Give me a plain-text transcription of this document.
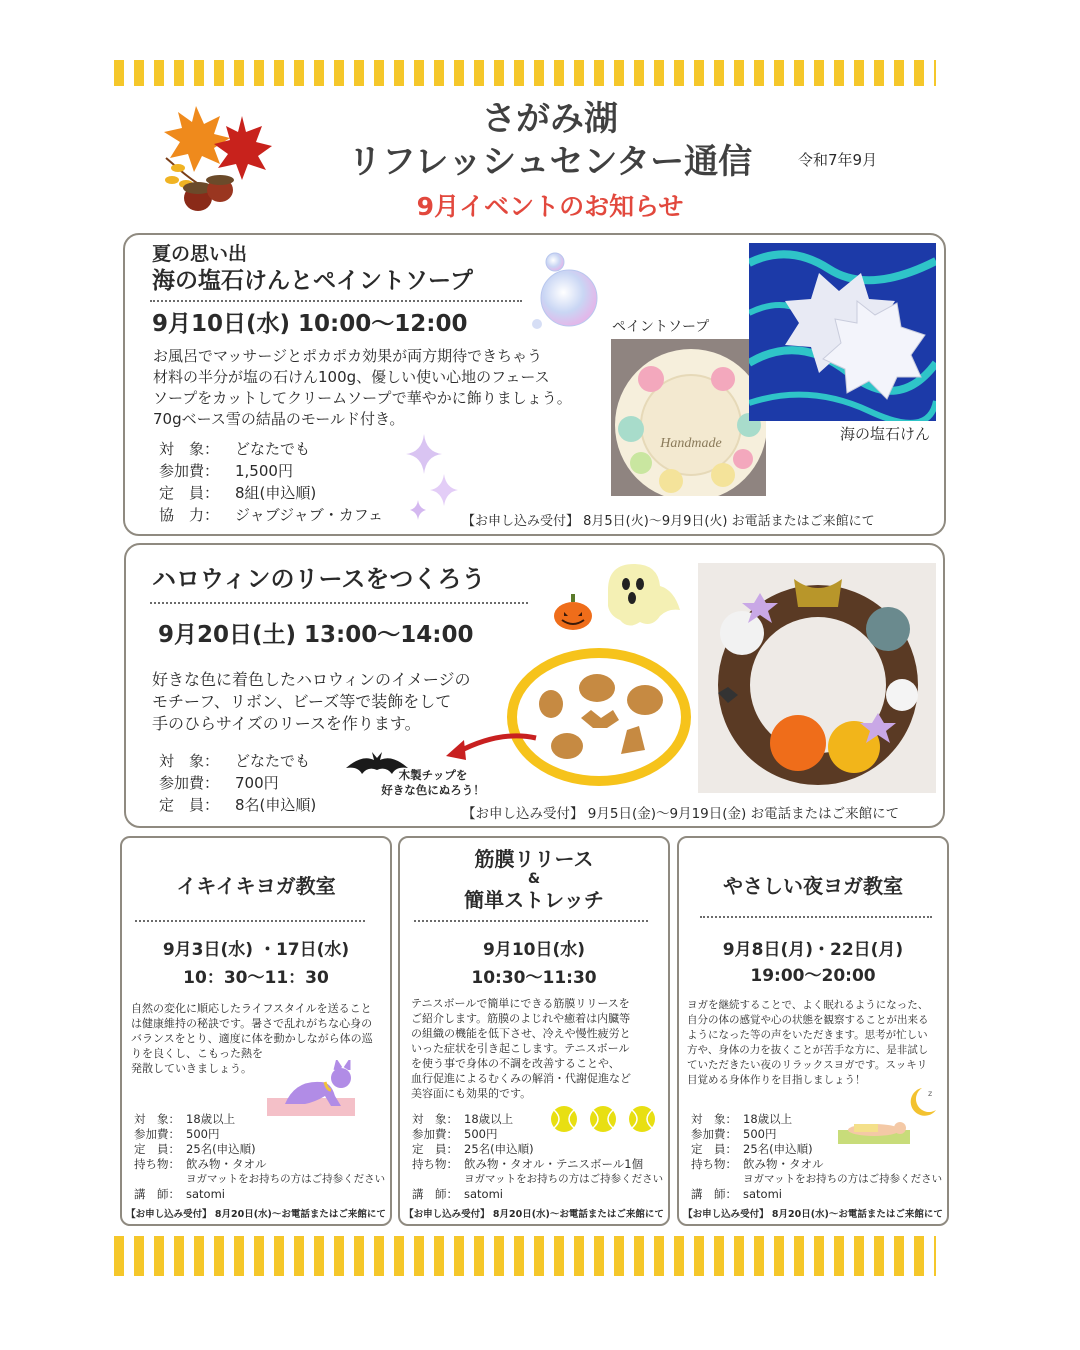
さがみ湖
リフレッシュセンター通信	令和7年9月
9月イベントのお知らせ
夏の思い出
海の塩石けんとペイントソープ
9月10日(水) 10:00〜12:00
お風呂でマッサージとポカポカ効果が両方期待できちゃう
材料の半分が塩の石けん100g、優しい使い心地のフェース
ソープをカットしてクリームソープで華やかに飾りましょう。
70gベース雪の結晶のモールド付き。
対　象：	どなたでも
参加費：	1,500円
定　員：	8組(申込順)
協　力：	ジャブジャブ・カフェ
ペイントソープ
Handmade
海の塩石けん
【お申し込み受付】 8月5日(火)〜9月9日(火) お電話またはご来館にて
ハロウィンのリースをつくろう
9月20日(土) 13:00〜14:00
好きな色に着色したハロウィンのイメージの
モチーフ、リボン、ビーズ等で装飾をして
手のひらサイズのリースを作ります。
対　象：	どなたでも
参加費：	700円
定　員：	8名(申込順)
木製チップを
好きな色にぬろう！
【お申し込み受付】 9月5日(金)〜9月19日(金) お電話またはご来館にて
イキイキヨガ教室
9月3日(水) ・17日(水)
10：30〜11：30
自然の変化に順応したライフスタイルを送ること
は健康維持の秘訣です。暑さで乱れがちな心身の
バランスをとり、適度に体を動かしながら体の巡
りを良くし、こもった熱を
発散していきましょう。
対　象： 18歳以上
参加費： 500円
定　員： 25名(申込順)
持ち物： 飲み物・タオル
ヨガマットをお持ちの方はご持参ください
講　師： satomi
【お申し込み受付】 8月20日(水)〜お電話またはご来館にて
筋膜リリース
&
簡単ストレッチ
9月10日(水)
10:30〜11:30
テニスボールで簡単にできる筋膜リリースを
ご紹介します。筋膜のよじれや癒着は内臓等
の組織の機能を低下させ、冷えや慢性疲労と
いった症状を引き起こします。テニスボール
を使う事で身体の不調を改善することや、
血行促進によるむくみの解消・代謝促進など
美容面にも効果的です。
対　象： 18歳以上
参加費： 500円
定　員： 25名(申込順)
持ち物： 飲み物・タオル・テニスボール1個
ヨガマットをお持ちの方はご持参ください
講　師： satomi
【お申し込み受付】 8月20日(水)〜お電話またはご来館にて
やさしい夜ヨガ教室
9月8日(月)・22日(月)
19:00〜20:00
ヨガを継続することで、よく眠れるようになった、
自分の体の感覚や心の状態を観察することが出来る
ようになった等の声をいただきます。思考が忙しい
方や、身体の力を抜くことが苦手な方に、是非試し
ていただきたい夜のリラックスヨガです。スッキリ
目覚める身体作りを目指しましょう！
z
対　象： 18歳以上
参加費： 500円
定　員： 25名(申込順)
持ち物： 飲み物・タオル
ヨガマットをお持ちの方はご持参ください
講　師： satomi
【お申し込み受付】 8月20日(水)〜お電話またはご来館にて
